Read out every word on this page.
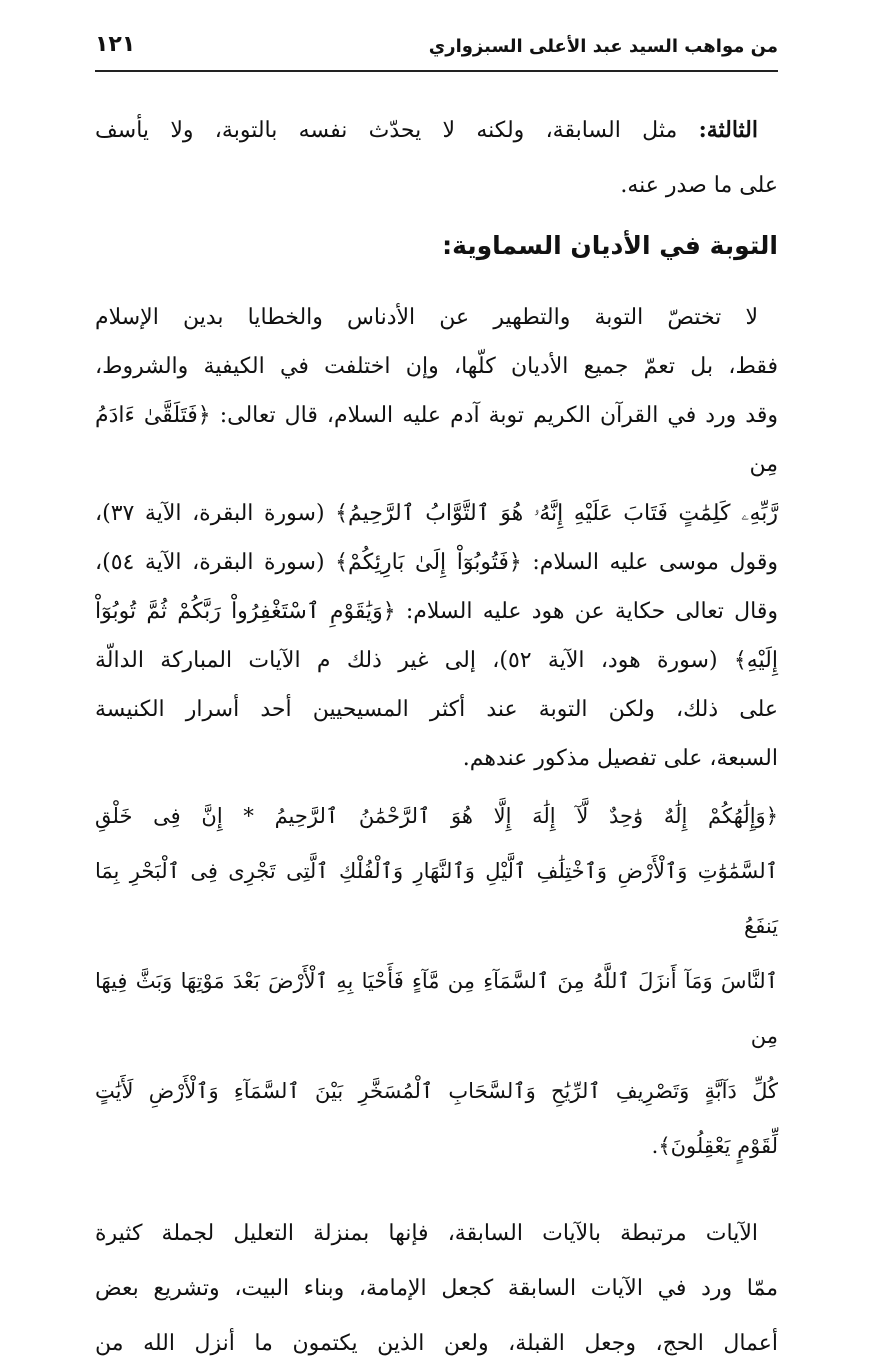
من مواهب السيد عبد الأعلى السبزواري
١٢١
الثالثة: مثل السابقة، ولكنه لا يحدّث نفسه بالتوبة، ولا يأسف
على ما صدر عنه.
التوبة في الأديان السماوية:
لا تختصّ التوبة والتطهير عن الأدناس والخطايا بدين الإسلام
فقط، بل تعمّ جميع الأديان كلّها، وإن اختلفت في الكيفية والشروط،
وقد ورد في القرآن الكريم توبة آدم عليه السلام، قال تعالى: ﴿فَتَلَقَّىٰ ءَادَمُ مِن
رَّبِّهِۦ كَلِمَٰتٍ فَتَابَ عَلَيْهِ إِنَّهُۥ هُوَ ٱلتَّوَّابُ ٱلرَّحِيمُ﴾ (سورة البقرة، الآية ٣٧)،
وقول موسى عليه السلام: ﴿فَتُوبُوٓاْ إِلَىٰ بَارِئِكُمْ﴾ (سورة البقرة، الآية ٥٤)،
وقال تعالى حكاية عن هود عليه السلام: ﴿وَيَٰقَوْمِ ٱسْتَغْفِرُواْ رَبَّكُمْ ثُمَّ تُوبُوٓاْ
إِلَيْهِ﴾ (سورة هود، الآية ٥٢)، إلى غير ذلك م الآيات المباركة الدالّة
على ذلك، ولكن التوبة عند أكثر المسيحيين أحد أسرار الكنيسة
السبعة، على تفصيل مذكور عندهم.
﴿وَإِلَٰهُكُمْ إِلَٰهٌ وَٰحِدٌ لَّآ إِلَٰهَ إِلَّا هُوَ ٱلرَّحْمَٰنُ ٱلرَّحِيمُ * إِنَّ فِى خَلْقِ
ٱلسَّمَٰوَٰتِ وَٱلْأَرْضِ وَٱخْتِلَٰفِ ٱلَّيْلِ وَٱلنَّهَارِ وَٱلْفُلْكِ ٱلَّتِى تَجْرِى فِى ٱلْبَحْرِ بِمَا يَنفَعُ
ٱلنَّاسَ وَمَآ أَنزَلَ ٱللَّهُ مِنَ ٱلسَّمَآءِ مِن مَّآءٍ فَأَحْيَا بِهِ ٱلْأَرْضَ بَعْدَ مَوْتِهَا وَبَثَّ فِيهَا مِن
كُلِّ دَآبَّةٍ وَتَصْرِيفِ ٱلرِّيَٰحِ وَٱلسَّحَابِ ٱلْمُسَخَّرِ بَيْنَ ٱلسَّمَآءِ وَٱلْأَرْضِ لَأَيَٰتٍ
لِّقَوْمٍ يَعْقِلُونَ﴾.
الآيات مرتبطة بالآيات السابقة، فإنها بمنزلة التعليل لجملة كثيرة
ممّا ورد في الآيات السابقة كجعل الإمامة، وبناء البيت، وتشريع بعض
أعمال الحج، وجعل القبلة، ولعن الذين يكتمون ما أنزل الله من
